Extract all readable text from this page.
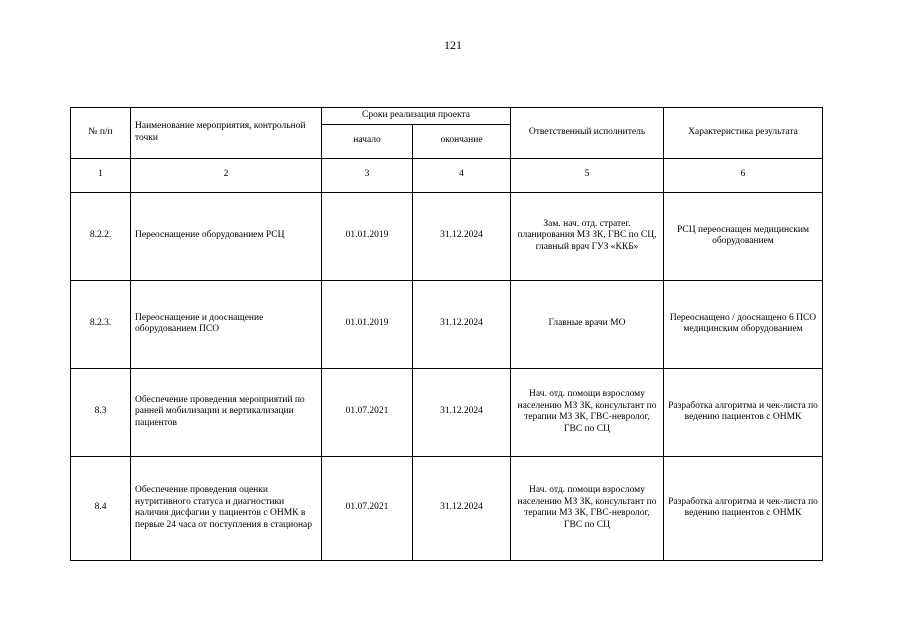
121
№ п/п	Наименование мероприятия, контрольной точки	Сроки реализация проекта		Ответственный исполнитель	Характеристика результата
		начало	окончание		
1	2	3	4	5	6
8.2.2.	Переоснащение оборудованием РСЦ	01.01.2019	31.12.2024	Зам. нач. отд. стратег. планирования МЗ ЗК, ГВС по СЦ, главный врач ГУЗ «ККБ»	РСЦ переоснащен медицинским оборудованием
8.2.3.	Переоснащение и дооснащение оборудованием ПСО	01.01.2019	31.12.2024	Главные врачи МО	Переоснащено / дооснащено 6 ПСО медицинским оборудованием
8.3	Обеспечение проведения мероприятий по ранней мобилизации и вертикализации пациентов	01.07.2021	31.12.2024	Нач. отд. помощи взрослому населению МЗ ЗК, консультант по терапии МЗ ЗК, ГВС-невролог, ГВС по СЦ	Разработка алгоритма и чек-листа по ведению пациентов с ОНМК
8.4	Обеспечение проведения оценки нутритивного статуса и диагностики наличия дисфагии у пациентов с ОНМК в первые 24 часа от поступления в стационар	01.07.2021	31.12.2024	Нач. отд. помощи взрослому населению МЗ ЗК, консультант по терапии МЗ ЗК, ГВС-невролог, ГВС по СЦ	Разработка алгоритма и чек-листа по ведению пациентов с ОНМК
